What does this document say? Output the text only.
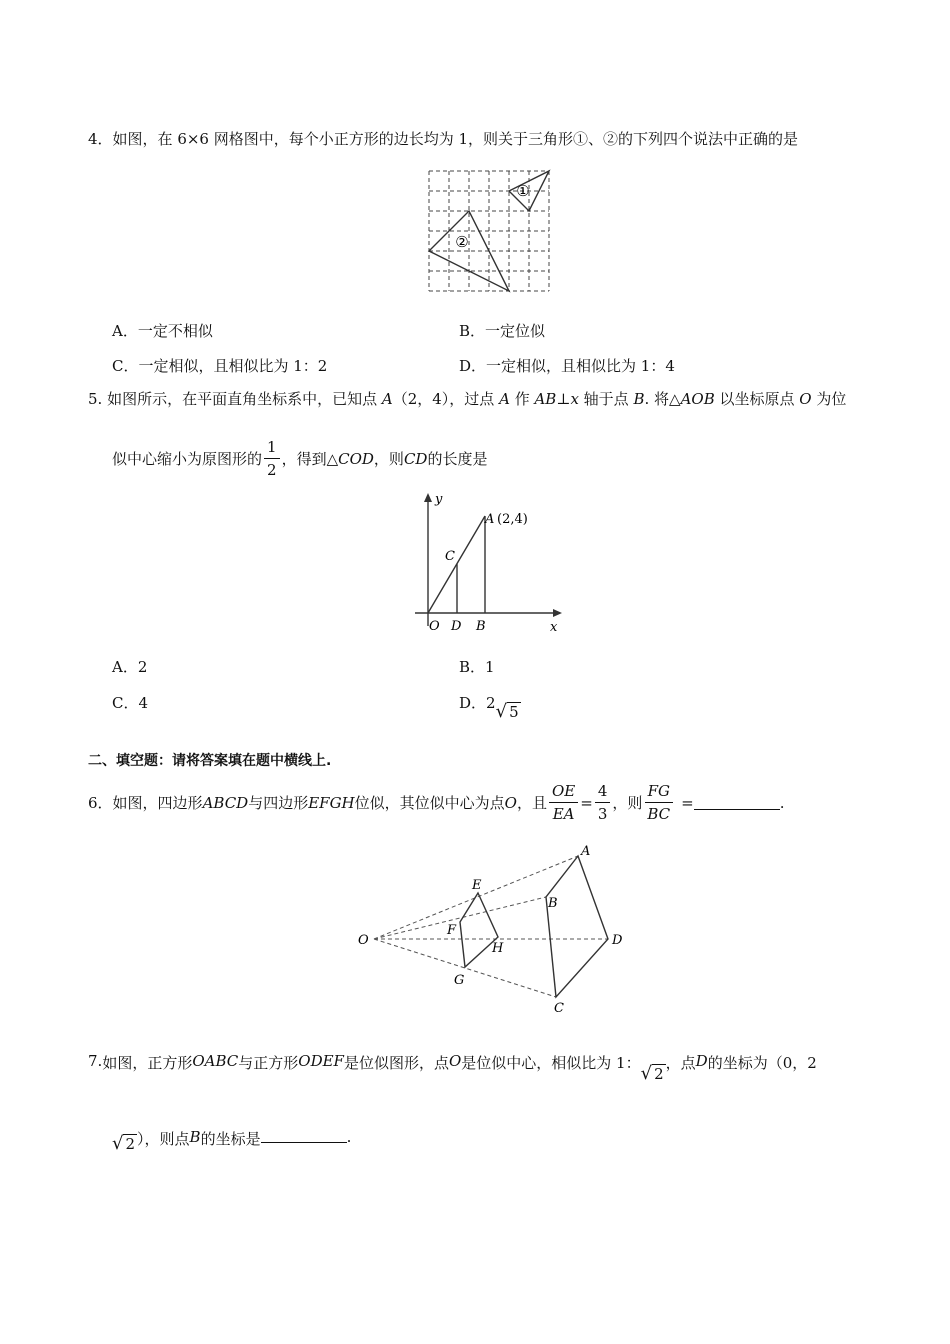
4．如图，在 6×6 网格图中，每个小正方形的边长均为 1，则关于三角形①、②的下列四个说法中正确的是
①
②
A．一定不相似	B．一定位似
C．一定相似，且相似比为 1：2	D．一定相似，且相似比为 1：4
5. 如图所示，在平面直角坐标系中，已知点 A（2，4），过点 A 作 AB⊥x 轴于点 B. 将△AOB 以坐标原点 O 为位
似中心缩小为原图形的 $\frac{1}{2}$ ，得到△ COD ，则 CD 的长度是
y
x
A (2,4)
C
O D B
A．2	B．1
C．4	D．2 √ 5
二、填空题：请将答案填在题中横线上.
6． 如图，四边形 ABCD 与四边形 EFGH 位似，其位似中心为点 O ，且 $\frac{OE}{EA} = \frac{4}{3}$ ，则 $\frac{FG}{BC}$ =	.
O
E
F
H
G
A
B
D
C
7. 如图，正方形 OABC 与正方形 ODEF 是位似图形，点 O 是位似中心，相似比为 1： √ 2
，点 D 的坐标为（0，2
√ 2 ），则点 B 的坐标是	.
